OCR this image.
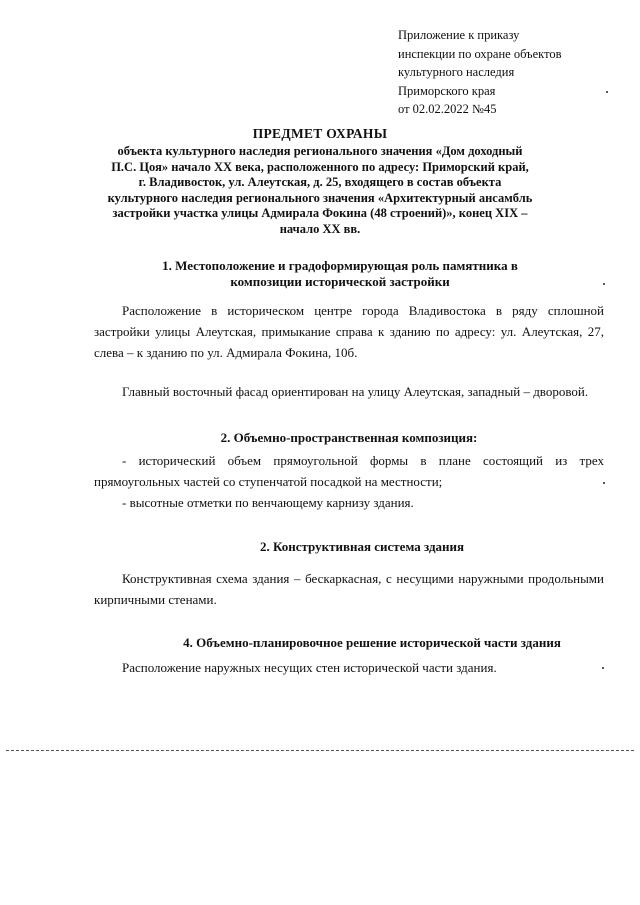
Приложение к приказу
инспекции по охране объектов
культурного наследия
Приморского края
от 02.02.2022 №45
ПРЕДМЕТ ОХРАНЫ
объекта культурного наследия регионального значения «Дом доходный
П.С. Цоя» начало XX века, расположенного по адресу: Приморский край,
г. Владивосток, ул. Алеутская, д. 25, входящего в состав объекта
культурного наследия регионального значения «Архитектурный ансамбль
застройки участка улицы Адмирала Фокина (48 строений)», конец XIX –
начало XX вв.
1. Местоположение и градоформирующая роль памятника в
композиции исторической застройки

Расположение в историческом центре города Владивостока в ряду сплошной застройки улицы Алеутская, примыкание справа к зданию по адресу: ул. Алеутская, 27, слева – к зданию по ул. Адмирала Фокина, 10б.

Главный восточный фасад ориентирован на улицу Алеутская, западный – дворовой.

2. Объемно-пространственная композиция:

- исторический объем прямоугольной формы в плане состоящий из трех прямоугольных частей со ступенчатой посадкой на местности;

- высотные отметки по венчающему карнизу здания.

2. Конструктивная система здания

Конструктивная схема здания – бескаркасная, с несущими наружными продольными кирпичными стенами.

4. Объемно-планировочное решение исторической части здания

Расположение наружных несущих стен исторической части здания.
